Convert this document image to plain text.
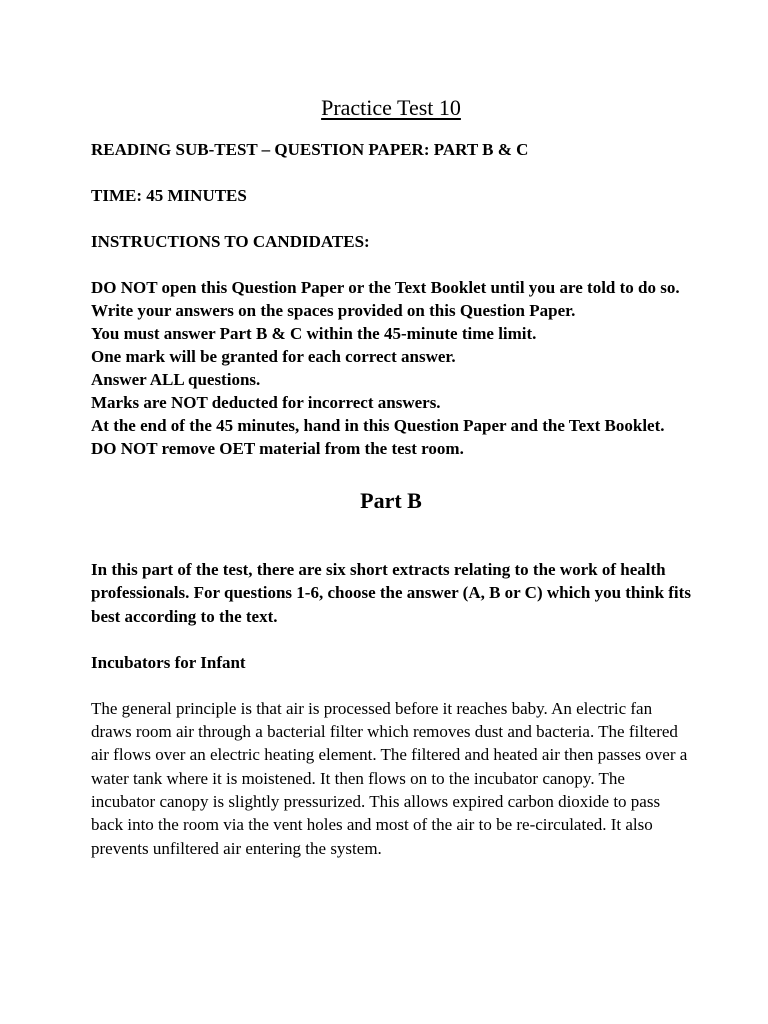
Practice Test 10

READING SUB-TEST – QUESTION PAPER: PART B & C

TIME: 45 MINUTES

INSTRUCTIONS TO CANDIDATES:

DO NOT open this Question Paper or the Text Booklet until you are told to do so.
Write your answers on the spaces provided on this Question Paper.
You must answer Part B & C within the 45-minute time limit.
One mark will be granted for each correct answer.
Answer ALL questions.
Marks are NOT deducted for incorrect answers.
At the end of the 45 minutes, hand in this Question Paper and the Text Booklet.
DO NOT remove OET material from the test room.
Part B

In this part of the test, there are six short extracts relating to the work of health professionals. For questions 1-6, choose the answer (A, B or C) which you think fits best according to the text.

Incubators for Infant

The general principle is that air is processed before it reaches baby. An electric fan draws room air through a bacterial filter which removes dust and bacteria. The filtered air flows over an electric heating element. The filtered and heated air then passes over a water tank where it is moistened. It then flows on to the incubator canopy. The incubator canopy is slightly pressurized. This allows expired carbon dioxide to pass back into the room via the vent holes and most of the air to be re-circulated. It also prevents unfiltered air entering the system.
